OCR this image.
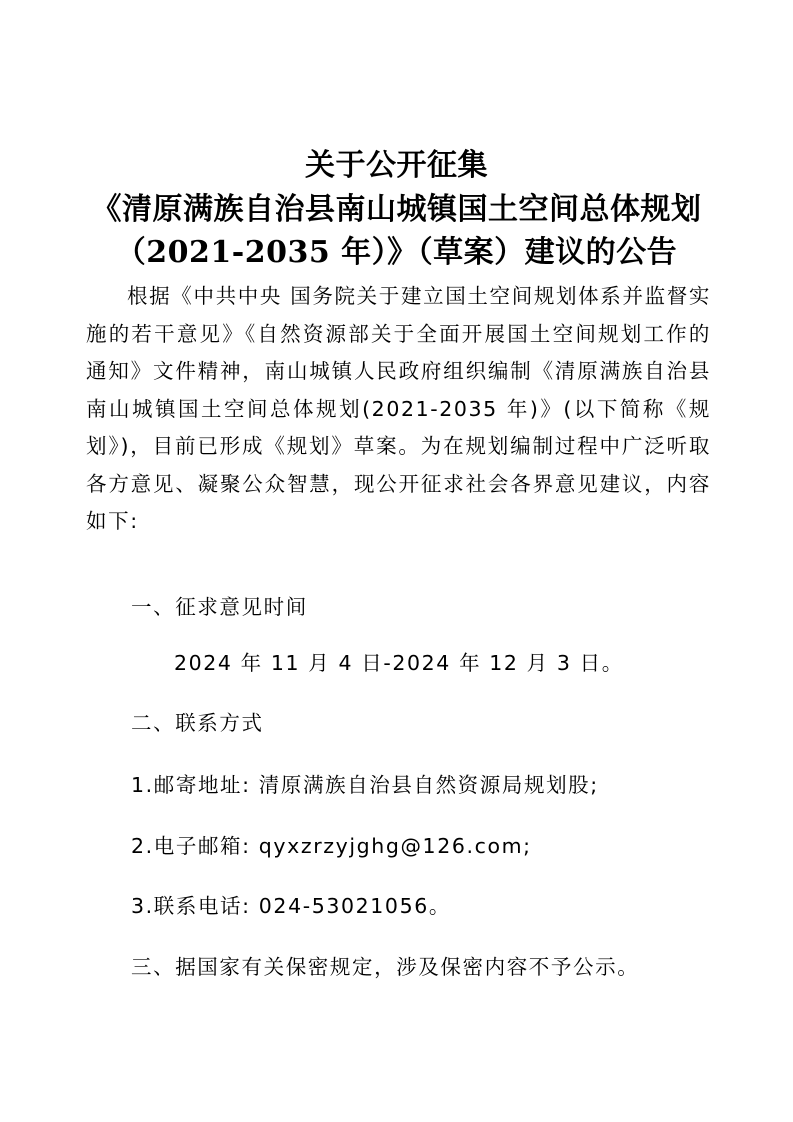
关于公开征集
《清原满族自治县南山城镇国土空间总体规划
（2021-2035 年）》（草案）建议的公告
根据《中共中央 国务院关于建立国土空间规划体系并监督实施的若干意见》《自然资源部关于全面开展国土空间规划工作的通知》文件精神，南山城镇人民政府组织编制《清原满族自治县南山城镇国土空间总体规划(2021-2035 年)》(以下简称《规划》)，目前已形成《规划》草案。为在规划编制过程中广泛听取各方意见、凝聚公众智慧，现公开征求社会各界意见建议，内容如下:
一、征求意见时间
2024 年 11 月 4 日-2024 年 12 月 3 日。
二、联系方式
1.邮寄地址: 清原满族自治县自然资源局规划股;
2.电子邮箱: qyxzrzyjghg@126.com;
3.联系电话: 024-53021056。
三、据国家有关保密规定，涉及保密内容不予公示。
